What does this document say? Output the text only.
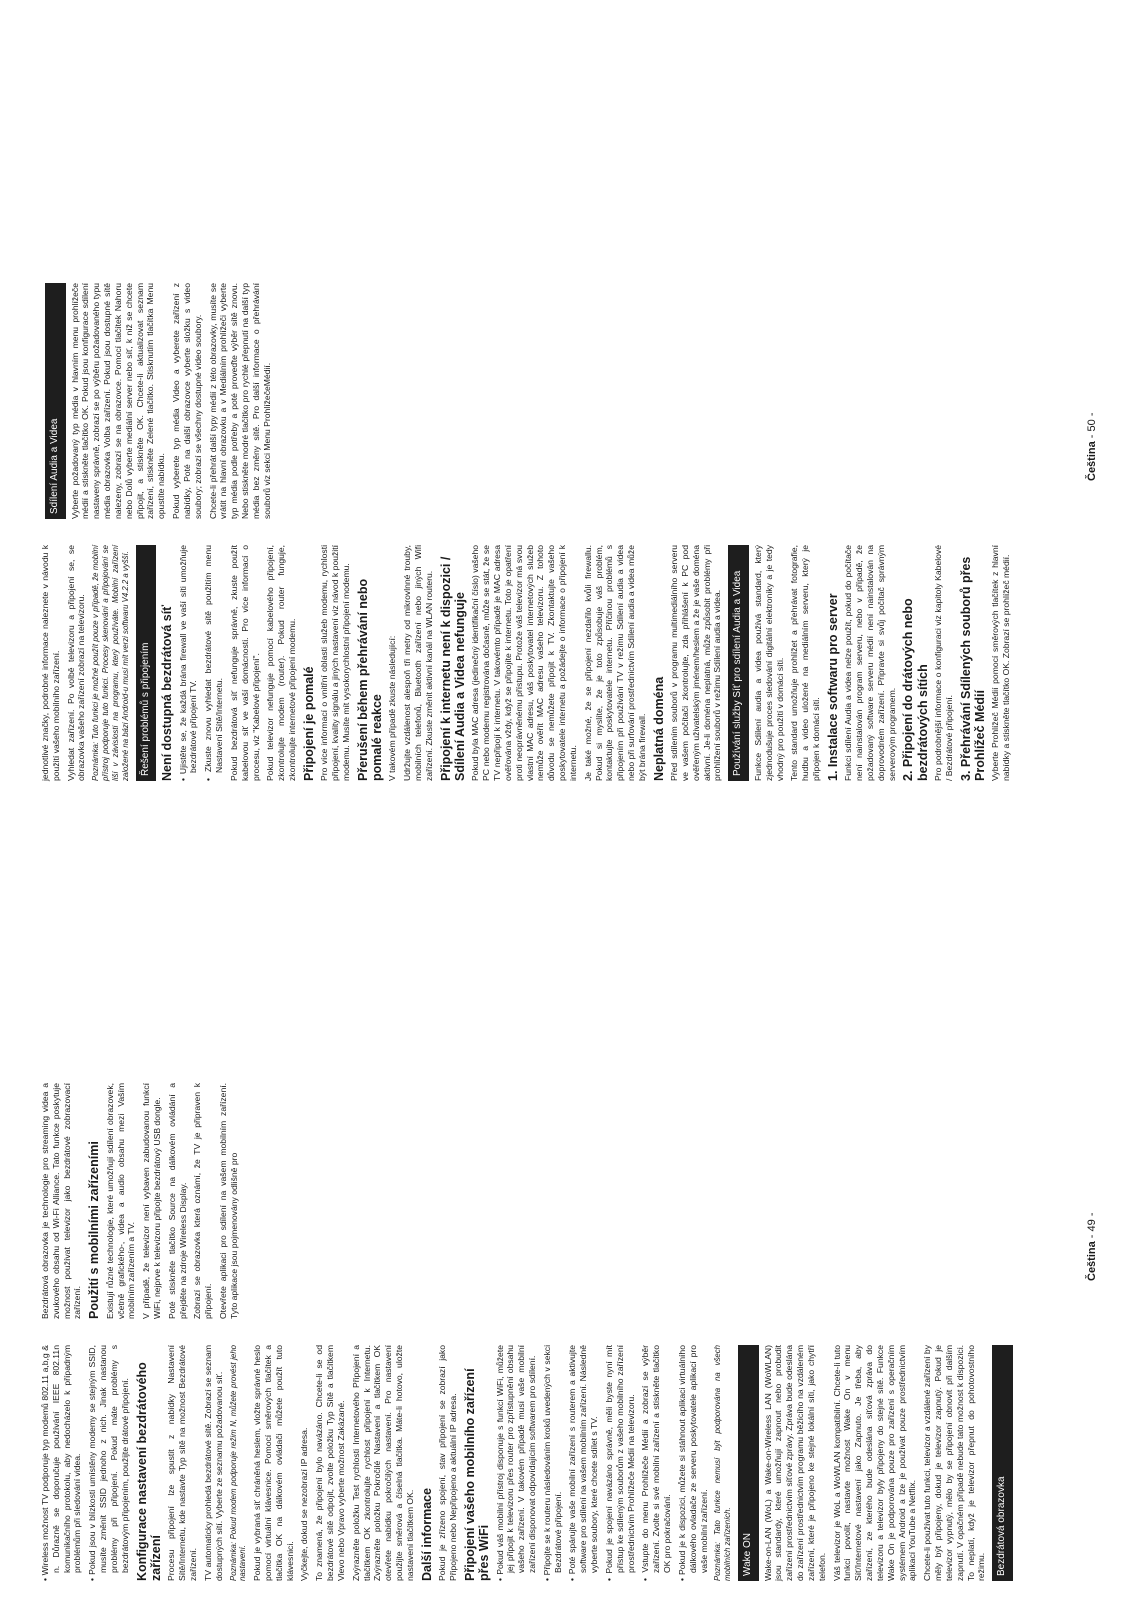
• Wireless možnost TV podporuje typ modemů 802.11 a,b,g & n. Důrazně se doporučuje používání IEEE 802.11n komunikačního protokolu, aby nedocházelo k případným problémům při sledování videa. • Pokud jsou v blízkosti umístěny modemy se stejným SSID, musíte změnit SSID jednoho z nich. Jinak nastanou problémy při připojení. Pokud máte problémy s bezdrátovým připojením, použijte drátové připojení. Konfigurace nastavení bezdrátového zařízení Procesu připojení lze spustit z nabídky Nastavení Sítě/Internetu, kde nastavte Typ sítě na možnost Bezdrátové zařízení. TV automaticky prohledá bezdrátové sítě. Zobrazí se seznam dostupných sítí. Vyberte ze seznamu požadovanou síť. Poznámka: Pokud modem podporuje režim N, můžete provést jeho nastavení. Pokud je vybraná síť chráněná heslem, vložte správné heslo pomocí virtuální klávesnice. Pomocí směrových tlačítek a tlačítka OK na dálkovém ovládači můžete použít tuto klávesnici. Vyčkejte, dokud se nezobrazí IP adresa. To znamená, že připojení bylo navázáno. Chcete-li se od bezdrátové sítě odpojit, zvolte položku Typ Sítě a tlačítkem Vlevo nebo Vpravo vyberte možnost Zakázané. Zvýrazněte položku Test rychlosti Internetového Připojení a tlačítkem OK zkontrolujte rychlost připojení k Internetu. Zvýrazněte položku Pokročilé Nastavení a tlačítkem OK otevřete nabídku pokročilých nastavení. Pro nastavení použijte směrová a číselná tlačítka. Máte-li hotovo, uložte nastavení tlačítkem OK. Další informace Pokud je zřízeno spojení, stav připojení se zobrazí jako Připojeno nebo Nepřipojeno a aktuální IP adresa. Připojení vašeho mobilního zařízení přes WiFi • Pokud váš mobilní přístroj disponuje s funkcí WiFi, můžete jej připojit k televizoru přes router pro zpřístupnění obsahu vašeho zařízení. V takovém případě musí vaše mobilní zařízení disponovat odpovídajícím softwarem pro sdílení. • Připojte se k routeru následováním kroků uvedených v sekci Bezdrátové připojení. • Poté spárujte vaše mobilní zařízení s routerem a aktivujte software pro sdílení na vašem mobilním zařízení. Následně vyberte soubory, které chcete sdílet s TV. • Pokud je spojení navázáno správně, měli byste nyní mít přístup ke sdíleným souborům z vašeho mobilního zařízení prostřednictvím Prohlížeče Médií na televizoru. • Vstupte do menu Prohlížeče Médií a zobrazí se výběr zařízení. Zvolte si své mobilní zařízení a stiskněte tlačítko OK pro pokračování. • Pokud je k dispozici, můžete si stáhnout aplikaci virtuálního dálkového ovladače ze serveru poskytovatele aplikací pro vaše mobilní zařízení. Poznámka: Tato funkce nemusí být podporována na všech mobilních zařízeních. Wake ON	Wake-on-LAN (WoL) a Wake-on-Wireless LAN (WoWLAN) jsou standardy, které umožňují zapnout nebo probudit zařízení prostřednictvím síťové zprávy. Zpráva bude odeslána do zařízení prostřednictvím programu běžícího na vzdáleném zařízení, které je připojeno ke stejné lokální síti, jako chytří telefon. Váš televizor je WoL a WoWLAN kompatibilní. Chcete-li tuto funkci povolit, nastavte možnost Wake On v menu Síť/Internetové nastavení jako Zapnuto. Je třeba, aby zařízení, ze kterého bude odeslána síťová zpráva do televizoru a televizor byly připojeny do stejné sítě. Funkce Wake On je podporována pouze pro zařízení s operačním systémem Android a lze je používat pouze prostřednictvím aplikací YouTube a Netflix. Chcete-li používat tuto funkci, televizor a vzdálené zařízení by měly být připojeny, dokud je televizor zapnutý. Pokud je televizor vypnutý, mělo by se připojení obnovit při dalším zapnutí. V opačném případě nebude tato možnost k dispozici. To neplatí, když je televizor přepnut do pohotovostního režimu. Bezdrátová obrazovka

Bezdrátová obrazovka je technologie pro streaming videa a zvukového obsahu od Wi-Fi Alliance. Tato funkce poskytuje možnost používat televizor jako bezdrátové zobrazovací zařízení. Použití s mobilními zařízeními Existují různé technologie, které umožňují sdílení obrazovek, včetně grafického-, videa a audio obsahu mezi Vaším mobilním zařízením a TV. V případě, že televizor není vybaven zabudovanou funkcí WiFi, nejprve k televizoru připojte bezdrátový USB dongle. Poté stiskněte tlačítko Source na dálkovém ovládání a přejděte na zdroje Wireless Display. Zobrazí se obrazovka která oznámí, že TV je připraven k připojení. Otevřete aplikaci pro sdílení na vašem mobilním zařízení. Tyto aplikace jsou pojmenovány odlišně pro	Čeština - 49 -

jednotlivé značky, podrobné informace naleznete v návodu k použití vašeho mobilního zařízení. Vyhledat zařízení. Po volbě televizoru a připojení se, se obrazovka vašeho zařízení zobrazí na televizoru. Poznámka: Tuto funkci je možné použít pouze v případě, že mobilní přístroj podporuje tuto funkci. Procesy skenování a připojování se liší v závislosti na programu, který používáte. Mobilní zařízení založené na bázi Android-u musí mít verzi softwaru V4.2.2 a vyšší. Řešení problémů s připojením Není dostupná bezdrátová síť • Ujistěte se, že každá brána firewall ve vaší síti umožňuje bezdrátové připojení TV. • Zkuste znovu vyhledat bezdrátové sítě použitím menu Nastavení Sítě/Internetu. Pokud bezdrátová síť nefunguje správně, zkuste použít kabelovou síť ve vaší domácnosti. Pro více informací o procesu, viz "Kabelové připojení". Pokud televizor nefunguje pomocí kabelového připojení, zkontrolujte modem (router). Pokud router funguje, zkontrolujte internetové připojení modemu. Připojení je pomalé Pro více informací o vnitřní oblasti služeb modemu, rychlosti připojení, kvality signálu a jiných nastavení viz návod k použití modemu. Musíte mít vysokorychlostní připojení modemu. Přerušení během přehrávání nebo pomalé reakce V takovém případě zkuste následující: Udržujte vzdálenost alespoň tři metry od mikrovlnné trouby, mobilních telefonů, Bluetooth zařízení nebo jiných Wifi zařízení. Zkuste změnit aktivní kanál na WLAN routeru. Připojení k internetu není k dispozici / Sdílení Audia a Videa nefunguje Pokud byla MAC adresa (jedinečný identifikační číslo) vašeho PC nebo modemu registrována dočasně, může se stát, že se TV nepřipojí k internetu. V takovémto případě je MAC adresa ověřována vždy, když se připojíte k internetu. Toto je opatření proti neoprávněnému přístupu. Protože váš televizor má svou vlastní MAC adresu, váš poskytovatel internetových služeb nemůže ověřit MAC adresu vašeho televizoru. Z tohoto důvodu se nemůžete připojit k TV. Zkontaktujte vašeho poskytovatele internetu a požádejte o informace o připojení k internetu. Je také možné, že se připojení nezdařilo kvůli firewallu. Pokud si myslíte, že je toto způsobuje váš problém, kontaktujte poskytovatele internetu. Příčinou problémů s připojením při používání TV v režimu Sdílení audia a videa nebo při surfování prostřednictvím Sdílení audia a videa může být brána firewall. Neplatná doména Před sdílením souborů v programu multimediálního serveru ve vašem počítači zkontrolujte, zda přihlášení k PC pod ověřeným uživatelským jménem/heslem a že je vaše doména aktivní. Je-li doména neplatná, může způsobit problémy při prohlížení souborů v režimu Sdílení audia a videa. Používání služby Síť pro sdílení Audia a Videa	Funkce Sdílení audia a videa používá standard, který zjednodušuje proces sledování digitální elektroniky a je tedy vhodný pro použití v domácí síti. Tento standard umožňuje prohlížet a přehrávat fotografie, hudbu a video uložené na mediálním serveru, který je připojen k domácí síti. 1. Instalace softwaru pro server Funkci sdílení Audia a videa nelze použít, pokud do počítače není nainstalován program serveru, nebo v případě, že požadovaný software serveru médií není nainstalován na doprovodném zařízení. Připravte si svůj počítač správným serverovým programem. 2. Připojení do drátových nebo bezdrátových sítích Pro podrobnější informace o konfiguraci viz kapitoly Kabelové / Bezdrátové připojení. 3. Přehrávání Sdílených souborů přes Prohlížeč Médií Vyberte Prohlížeč Médií pomocí směrových tlačítek z hlavní nabídky a stiskněte tlačítko OK. Zobrazí se prohlížeč médií.

Sdílení Audia a Videa	Vyberte požadovaný typ média v hlavním menu prohlížeče médií a stiskněte tlačítko OK. Pokud jsou konfigurace sdílení nastaveny správně, zobrazí se po výběru požadovaného typu média obrazovka Volba zařízení. Pokud jsou dostupné sítě nalezeny, zobrazí se na obrazovce. Pomocí tlačítek Nahoru nebo Dolů vyberte mediální server nebo síť, k níž se chcete připojit, a stiskněte OK. Chcete-li aktualizovat seznam zařízení, stiskněte Zelené tlačítko. Stisknutím tlačítka Menu opustíte nabídku. Pokud vyberete typ média Video a vyberete zařízení z nabídky, Poté na další obrazovce vyberte složku s video soubory; zobrazí se všechny dostupné video soubory. Chcete-li přehrát další typy médií z této obrazovky, musíte se vrátit na hlavní obrazovku a v Mediálním prohlížeči vyberte typ média podle potřeby a poté proveďte výběr sítě znovu. Nebo stiskněte modré tlačítko pro rychlé přepnutí na další typ média bez změny sítě. Pro další informace o přehrávání souborů viz sekci Menu ProhlížečeMédií.	Čeština - 50 -
